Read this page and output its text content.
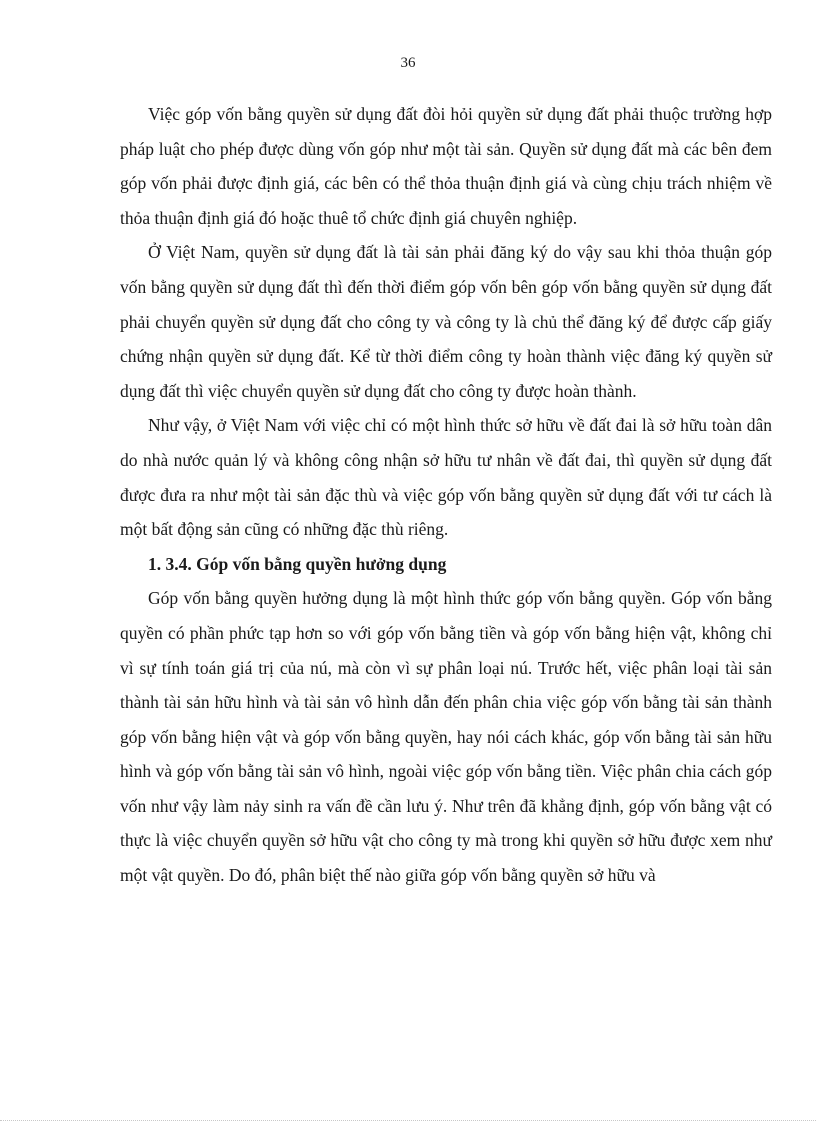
36

Việc góp vốn bằng quyền sử dụng đất đòi hỏi quyền sử dụng đất phải thuộc trường hợp pháp luật cho phép được dùng vốn góp như một tài sản. Quyền sử dụng đất mà các bên đem góp vốn phải được định giá, các bên có thể thỏa thuận định giá và cùng chịu trách nhiệm về thỏa thuận định giá đó hoặc thuê tổ chức định giá chuyên nghiệp.

Ở Việt Nam, quyền sử dụng đất là tài sản phải đăng ký do vậy sau khi thỏa thuận góp vốn bằng quyền sử dụng đất thì đến thời điểm góp vốn bên góp vốn bằng quyền sử dụng đất phải chuyển quyền sử dụng đất cho công ty và công ty là chủ thể đăng ký để được cấp giấy chứng nhận quyền sử dụng đất. Kể từ thời điểm công ty hoàn thành việc đăng ký quyền sử dụng đất thì việc chuyển quyền sử dụng đất cho công ty được hoàn thành.

Như vậy, ở Việt Nam với việc chỉ có một hình thức sở hữu về đất đai là sở hữu toàn dân do nhà nước quản lý và không công nhận sở hữu tư nhân về đất đai, thì quyền sử dụng đất được đưa ra như một tài sản đặc thù và việc góp vốn bằng quyền sử dụng đất với tư cách là một bất động sản cũng có những đặc thù riêng.

1. 3.4. Góp vốn bằng quyền hưởng dụng

Góp vốn bằng quyền hưởng dụng là một hình thức góp vốn bằng quyền. Góp vốn bằng quyền có phần phức tạp hơn so với góp vốn bằng tiền và góp vốn bằng hiện vật, không chỉ vì sự tính toán giá trị của nú, mà còn vì sự phân loại nú. Trước hết, việc phân loại tài sản thành tài sản hữu hình và tài sản vô hình dẫn đến phân chia việc góp vốn bằng tài sản thành góp vốn bằng hiện vật và góp vốn bằng quyền, hay nói cách khác, góp vốn bằng tài sản hữu hình và góp vốn bằng tài sản vô hình, ngoài việc góp vốn bằng tiền. Việc phân chia cách góp vốn như vậy làm nảy sinh ra vấn đề cần lưu ý. Như trên đã khẳng định, góp vốn bằng vật có thực là việc chuyển quyền sở hữu vật cho công ty mà trong khi quyền sở hữu được xem như một vật quyền. Do đó, phân biệt thế nào giữa góp vốn bằng quyền sở hữu và
